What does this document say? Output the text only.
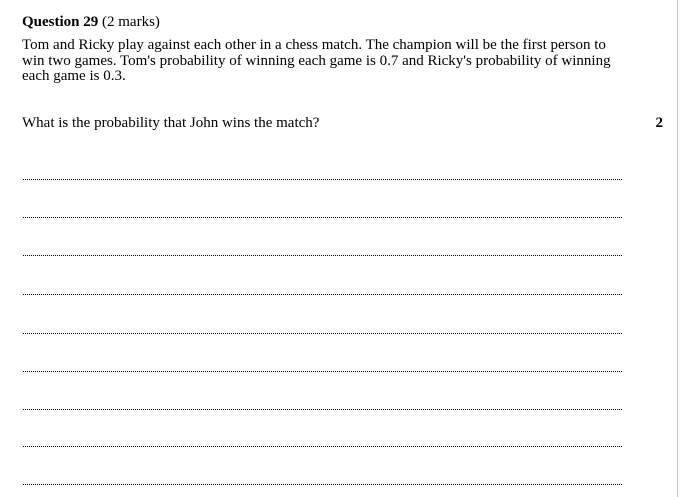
Question 29 (2 marks)
Tom and Ricky play against each other in a chess match. The champion will be the first person to win two games. Tom's probability of winning each game is 0.7 and Ricky's probability of winning each game is 0.3.
What is the probability that John wins the match?	2
